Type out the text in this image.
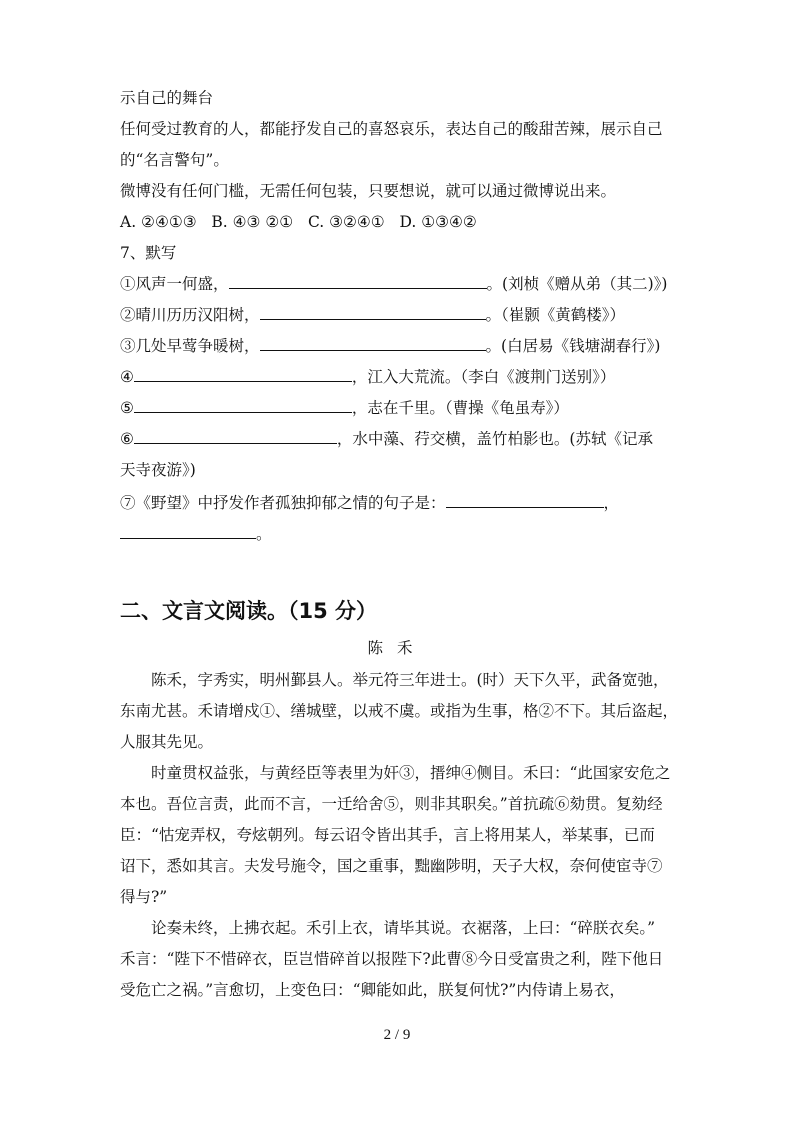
示自己的舞台
任何受过教育的人，都能抒发自己的喜怒哀乐，表达自己的酸甜苦辣，展示自己
的“名言警句”。
微博没有任何门槛，无需任何包装，只要想说，就可以通过微博说出来。
A. ②④①③   B. ④③ ②①   C. ③②④①   D. ①③④②
7、默写
①风声一何盛，	。(刘桢《赠从弟（其二)》)
②晴川历历汉阳树，	。（崔颢《黄鹤楼》）
③几处早莺争暖树，	。(白居易《钱塘湖春行》)
④	，江入大荒流。（李白《渡荆门送别》）
⑤	，志在千里。（曹操《龟虽寿》）
⑥	，水中藻、荇交横，盖竹柏影也。(苏轼《记承
天寺夜游》)
⑦《野望》中抒发作者孤独抑郁之情的句子是：	，
。
二、文言文阅读。（15 分）
陈禾
陈禾，字秀实，明州鄞县人。举元符三年进士。(时）天下久平，武备宽弛，
东南尤甚。禾请增戍①、缮城壁，以戒不虞。或指为生事，格②不下。其后盗起，
人服其先见。
时童贯权益张，与黄经臣等表里为奸③，搢绅④侧目。禾曰：“此国家安危之
本也。吾位言责，此而不言，一迁给舍⑤，则非其职矣。”首抗疏⑥劾贯。复劾经
臣：“怙宠弄权，夸炫朝列。每云诏令皆出其手，言上将用某人，举某事，已而
诏下，悉如其言。夫发号施令，国之重事，黜幽陟明，天子大权，奈何使宦寺⑦
得与?”
论奏未终，上拂衣起。禾引上衣，请毕其说。衣裾落，上曰：“碎朕衣矣。”
禾言：“陛下不惜碎衣，臣岂惜碎首以报陛下?此曹⑧今日受富贵之利，陛下他日
受危亡之祸。”言愈切，上变色曰：“卿能如此，朕复何忧?”内侍请上易衣，
2 / 9
